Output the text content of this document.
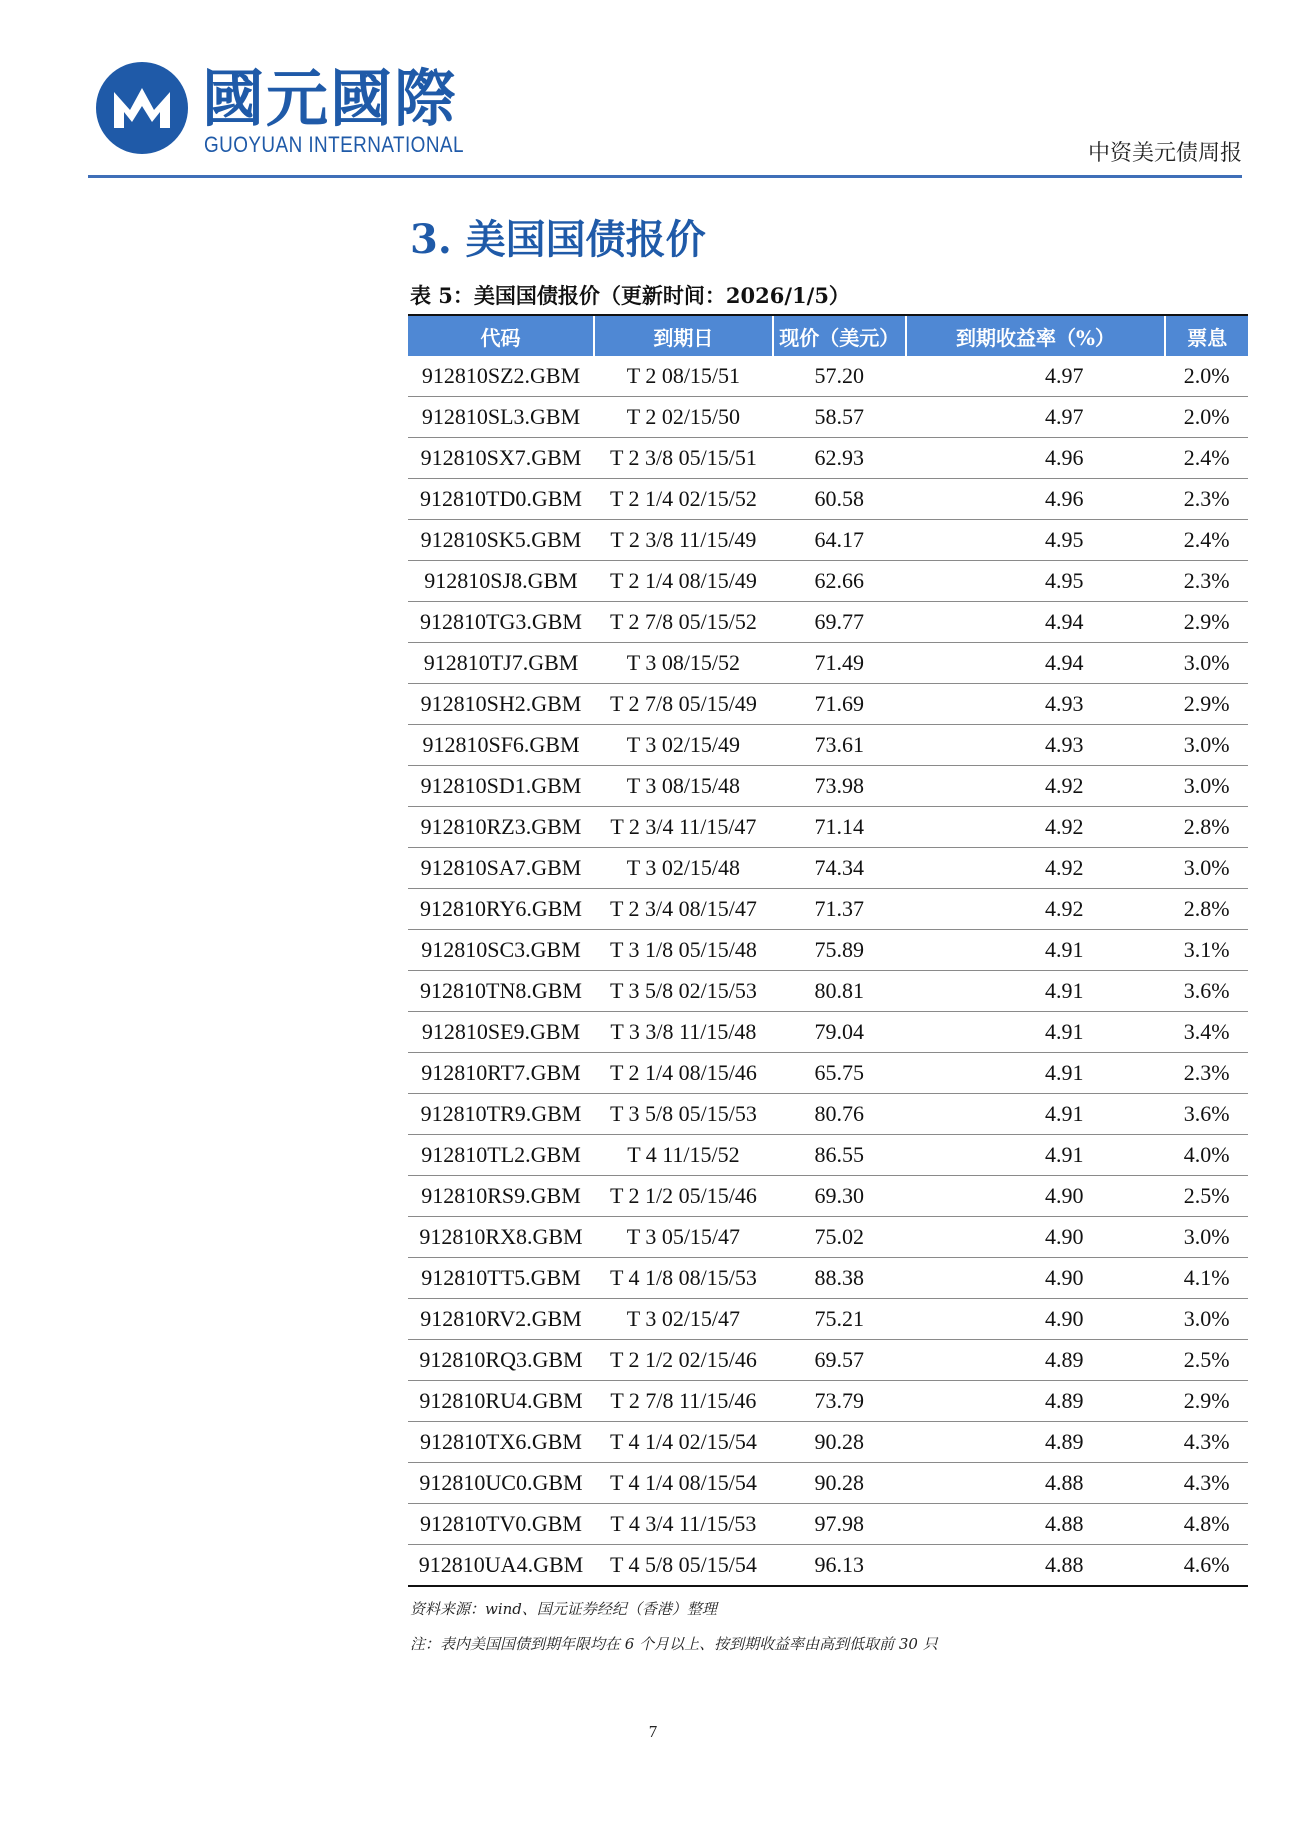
國元國際
GUOYUAN INTERNATIONAL	中资美元债周报
3. 美国国债报价
表 5：美国国债报价（更新时间：2026/1/5）
代码	到期日	现价（美元）	到期收益率（%）	票息
912810SZ2.GBM	T 2 08/15/51	57.20	4.97	2.0%
912810SL3.GBM	T 2 02/15/50	58.57	4.97	2.0%
912810SX7.GBM	T 2 3/8 05/15/51	62.93	4.96	2.4%
912810TD0.GBM	T 2 1/4 02/15/52	60.58	4.96	2.3%
912810SK5.GBM	T 2 3/8 11/15/49	64.17	4.95	2.4%
912810SJ8.GBM	T 2 1/4 08/15/49	62.66	4.95	2.3%
912810TG3.GBM	T 2 7/8 05/15/52	69.77	4.94	2.9%
912810TJ7.GBM	T 3 08/15/52	71.49	4.94	3.0%
912810SH2.GBM	T 2 7/8 05/15/49	71.69	4.93	2.9%
912810SF6.GBM	T 3 02/15/49	73.61	4.93	3.0%
912810SD1.GBM	T 3 08/15/48	73.98	4.92	3.0%
912810RZ3.GBM	T 2 3/4 11/15/47	71.14	4.92	2.8%
912810SA7.GBM	T 3 02/15/48	74.34	4.92	3.0%
912810RY6.GBM	T 2 3/4 08/15/47	71.37	4.92	2.8%
912810SC3.GBM	T 3 1/8 05/15/48	75.89	4.91	3.1%
912810TN8.GBM	T 3 5/8 02/15/53	80.81	4.91	3.6%
912810SE9.GBM	T 3 3/8 11/15/48	79.04	4.91	3.4%
912810RT7.GBM	T 2 1/4 08/15/46	65.75	4.91	2.3%
912810TR9.GBM	T 3 5/8 05/15/53	80.76	4.91	3.6%
912810TL2.GBM	T 4 11/15/52	86.55	4.91	4.0%
912810RS9.GBM	T 2 1/2 05/15/46	69.30	4.90	2.5%
912810RX8.GBM	T 3 05/15/47	75.02	4.90	3.0%
912810TT5.GBM	T 4 1/8 08/15/53	88.38	4.90	4.1%
912810RV2.GBM	T 3 02/15/47	75.21	4.90	3.0%
912810RQ3.GBM	T 2 1/2 02/15/46	69.57	4.89	2.5%
912810RU4.GBM	T 2 7/8 11/15/46	73.79	4.89	2.9%
912810TX6.GBM	T 4 1/4 02/15/54	90.28	4.89	4.3%
912810UC0.GBM	T 4 1/4 08/15/54	90.28	4.88	4.3%
912810TV0.GBM	T 4 3/4 11/15/53	97.98	4.88	4.8%
912810UA4.GBM	T 4 5/8 05/15/54	96.13	4.88	4.6%
资料来源：wind、国元证券经纪（香港）整理
注：表内美国国债到期年限均在 6 个月以上、按到期收益率由高到低取前 30 只
7
